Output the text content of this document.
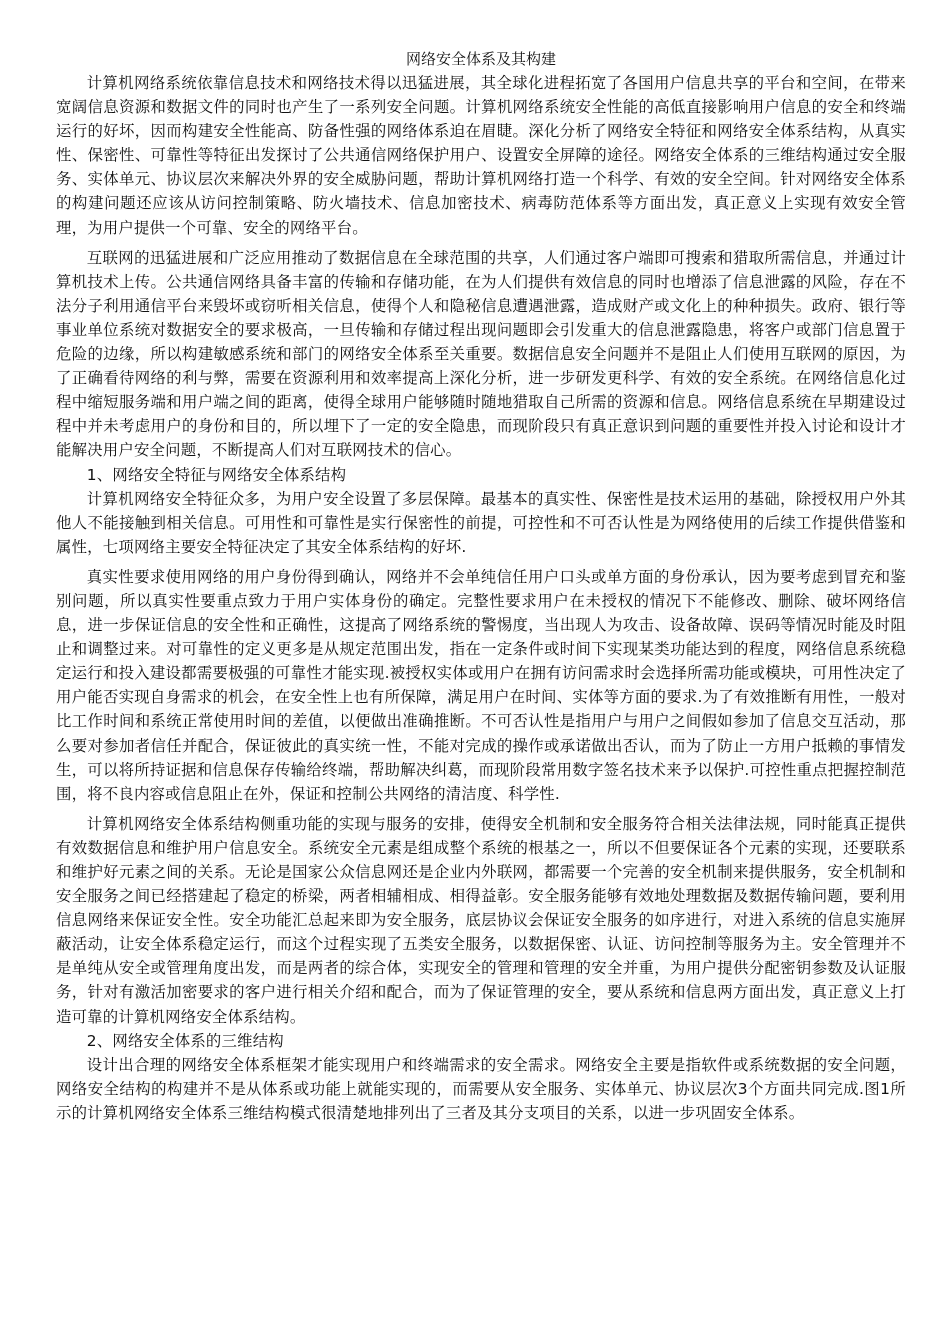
网络安全体系及其构建

计算机网络系统依靠信息技术和网络技术得以迅猛进展，其全球化进程拓宽了各国用户信息共享的平台和空间，在带来宽阔信息资源和数据文件的同时也产生了一系列安全问题。计算机网络系统安全性能的高低直接影响用户信息的安全和终端运行的好坏，因而构建安全性能高、防备性强的网络体系迫在眉睫。深化分析了网络安全特征和网络安全体系结构，从真实性、保密性、可靠性等特征出发探讨了公共通信网络保护用户、设置安全屏障的途径。网络安全体系的三维结构通过安全服务、实体单元、协议层次来解决外界的安全威胁问题，帮助计算机网络打造一个科学、有效的安全空间。针对网络安全体系的构建问题还应该从访问控制策略、防火墙技术、信息加密技术、病毒防范体系等方面出发，真正意义上实现有效安全管理，为用户提供一个可靠、安全的网络平台。

互联网的迅猛进展和广泛应用推动了数据信息在全球范围的共享，人们通过客户端即可搜索和猎取所需信息，并通过计算机技术上传。公共通信网络具备丰富的传输和存储功能，在为人们提供有效信息的同时也增添了信息泄露的风险，存在不法分子利用通信平台来毁坏或窃听相关信息，使得个人和隐秘信息遭遇泄露，造成财产或文化上的种种损失。政府、银行等事业单位系统对数据安全的要求极高，一旦传输和存储过程出现问题即会引发重大的信息泄露隐患，将客户或部门信息置于危险的边缘，所以构建敏感系统和部门的网络安全体系至关重要。数据信息安全问题并不是阻止人们使用互联网的原因，为了正确看待网络的利与弊，需要在资源利用和效率提高上深化分析，进一步研发更科学、有效的安全系统。在网络信息化过程中缩短服务端和用户端之间的距离，使得全球用户能够随时随地猎取自己所需的资源和信息。网络信息系统在早期建设过程中并未考虑用户的身份和目的，所以埋下了一定的安全隐患，而现阶段只有真正意识到问题的重要性并投入讨论和设计才能解决用户安全问题，不断提高人们对互联网技术的信心。

1、网络安全特征与网络安全体系结构

计算机网络安全特征众多，为用户安全设置了多层保障。最基本的真实性、保密性是技术运用的基础，除授权用户外其他人不能接触到相关信息。可用性和可靠性是实行保密性的前提，可控性和不可否认性是为网络使用的后续工作提供借鉴和属性，七项网络主要安全特征决定了其安全体系结构的好坏.

真实性要求使用网络的用户身份得到确认，网络并不会单纯信任用户口头或单方面的身份承认，因为要考虑到冒充和鉴别问题，所以真实性要重点致力于用户实体身份的确定。完整性要求用户在未授权的情况下不能修改、删除、破坏网络信息，进一步保证信息的安全性和正确性，这提高了网络系统的警惕度，当出现人为攻击、设备故障、误码等情况时能及时阻止和调整过来。对可靠性的定义更多是从规定范围出发，指在一定条件或时间下实现某类功能达到的程度，网络信息系统稳定运行和投入建设都需要极强的可靠性才能实现.被授权实体或用户在拥有访问需求时会选择所需功能或模块，可用性决定了用户能否实现自身需求的机会，在安全性上也有所保障，满足用户在时间、实体等方面的要求.为了有效推断有用性，一般对比工作时间和系统正常使用时间的差值，以便做出准确推断。不可否认性是指用户与用户之间假如参加了信息交互活动，那么要对参加者信任并配合，保证彼此的真实统一性，不能对完成的操作或承诺做出否认，而为了防止一方用户抵赖的事情发生，可以将所持证据和信息保存传输给终端，帮助解决纠葛，而现阶段常用数字签名技术来予以保护.可控性重点把握控制范围，将不良内容或信息阻止在外，保证和控制公共网络的清洁度、科学性.

计算机网络安全体系结构侧重功能的实现与服务的安排，使得安全机制和安全服务符合相关法律法规，同时能真正提供有效数据信息和维护用户信息安全。系统安全元素是组成整个系统的根基之一，所以不但要保证各个元素的实现，还要联系和维护好元素之间的关系。无论是国家公众信息网还是企业内外联网，都需要一个完善的安全机制来提供服务，安全机制和安全服务之间已经搭建起了稳定的桥梁，两者相辅相成、相得益彰。安全服务能够有效地处理数据及数据传输问题，要利用信息网络来保证安全性。安全功能汇总起来即为安全服务，底层协议会保证安全服务的如序进行，对进入系统的信息实施屏蔽活动，让安全体系稳定运行，而这个过程实现了五类安全服务，以数据保密、认证、访问控制等服务为主。安全管理并不是单纯从安全或管理角度出发，而是两者的综合体，实现安全的管理和管理的安全并重，为用户提供分配密钥参数及认证服务，针对有激活加密要求的客户进行相关介绍和配合，而为了保证管理的安全，要从系统和信息两方面出发，真正意义上打造可靠的计算机网络安全体系结构。

2、网络安全体系的三维结构

设计出合理的网络安全体系框架才能实现用户和终端需求的安全需求。网络安全主要是指软件或系统数据的安全问题，网络安全结构的构建并不是从体系或功能上就能实现的，而需要从安全服务、实体单元、协议层次3个方面共同完成.图1所示的计算机网络安全体系三维结构模式很清楚地排列出了三者及其分支项目的关系，以进一步巩固安全体系。
